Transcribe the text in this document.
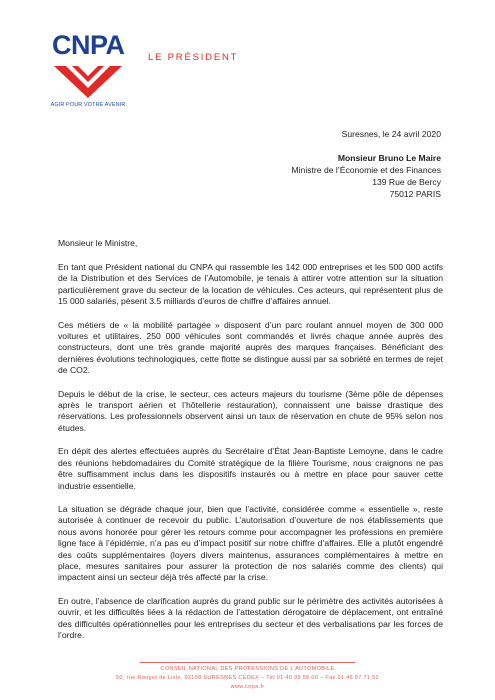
CNPA
AGIR POUR VOTRE AVENIR
LE PRÉSIDENT
Suresnes, le 24 avril 2020
Monsieur Bruno Le Maire
Ministre de l’Économie et des Finances
139 Rue de Bercy
75012 PARIS
Monsieur le Ministre,

En tant que Président national du CNPA qui rassemble les 142 000 entreprises et les 500 000 actifs de la Distribution et des Services de l’Automobile, je tenais à attirer votre attention sur la situation particulièrement grave du secteur de la location de véhicules. Ces acteurs, qui représentent plus de 15 000 salariés, pèsent 3.5 milliards d’euros de chiffre d’affaires annuel.

Ces métiers de « la mobilité partagée » disposent d’un parc roulant annuel moyen de 300 000 voitures et utilitaires. 250 000 véhicules sont commandés et livrés chaque année auprès des constructeurs, dont une très grande majorité auprès des marques françaises. Bénéficiant des dernières évolutions technologiques, cette flotte se distingue aussi par sa sobriété en termes de rejet de CO2.

Depuis le début de la crise, le secteur, ces acteurs majeurs du tourisme (3ème pôle de dépenses après le transport aérien et l’hôtellerie restauration), connaissent une baisse drastique des réservations. Les professionnels observent ainsi un taux de réservation en chute de 95% selon nos études.

En dépit des alertes effectuées auprès du Secrétaire d’État Jean-Baptiste Lemoyne, dans le cadre des réunions hebdomadaires du Comité stratégique de la filière Tourisme, nous craignons ne pas être suffisamment inclus dans les dispositifs instaurés ou à mettre en place pour sauver cette industrie essentielle.

La situation se dégrade chaque jour, bien que l’activité, considérée comme « essentielle », reste autorisée à continuer de recevoir du public. L’autorisation d’ouverture de nos établissements que nous avons honorée pour gérer les retours comme pour accompagner les professions en première ligne face à l’épidémie, n’a pas eu d’impact positif sur notre chiffre d’affaires. Elle a plutôt engendré des coûts supplémentaires (loyers divers maintenus, assurances complémentaires à mettre en place, mesures sanitaires pour assurer la protection de nos salariés comme des clients) qui impactent ainsi un secteur déjà très affecté par la crise.

En outre, l’absence de clarification auprès du grand public sur le périmètre des activités autorisées à ouvrir, et les difficultés liées à la rédaction de l’attestation dérogatoire de déplacement, ont entraîné des difficultés opérationnelles pour les entreprises du secteur et des verbalisations par les forces de l’ordre.

CONSEIL NATIONAL DES PROFESSIONS DE L’AUTOMOBILE
50, rue Rouget de Lisle, 92158 SURESNES CEDEX – Tél 01 40 99 55 00 – Fax 01 46 97 71 52
www.cnpa.fr
